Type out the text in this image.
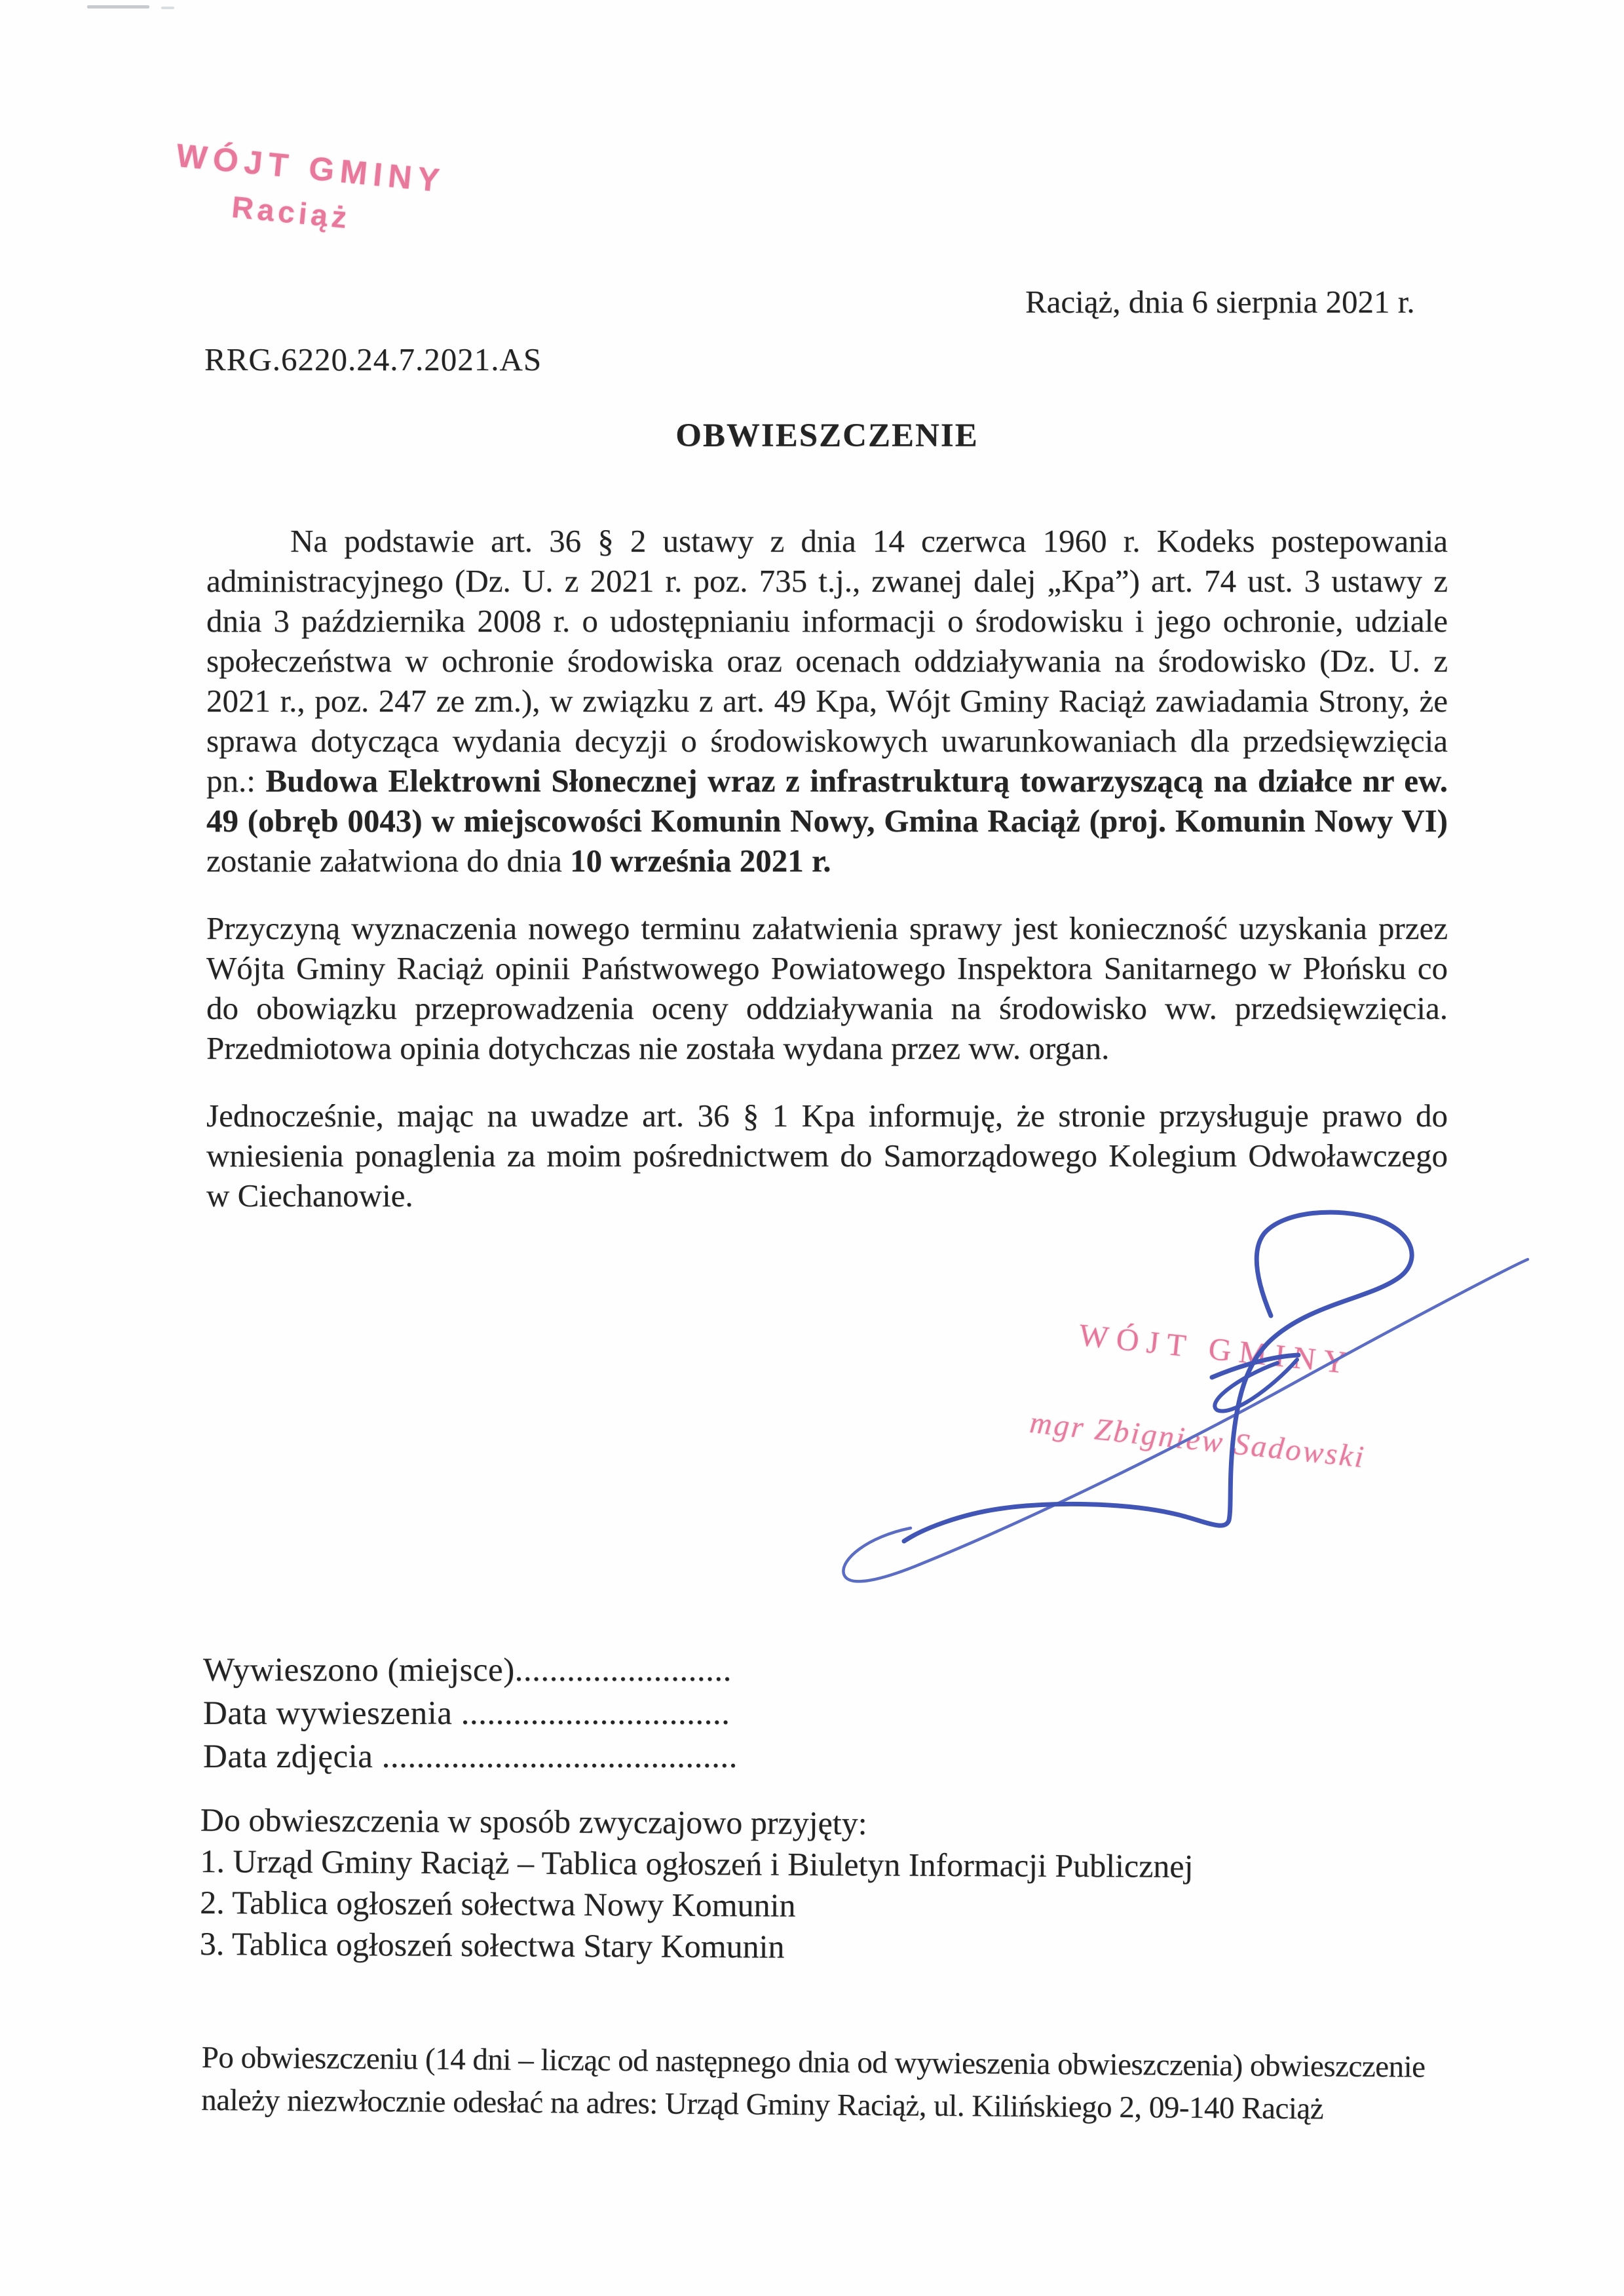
WÓJT GMINY
Raciąż
Raciąż, dnia 6 sierpnia 2021 r.
RRG.6220.24.7.2021.AS
OBWIESZCZENIE

Na podstawie art. 36 § 2 ustawy z dnia 14 czerwca 1960 r. Kodeks postepowania administracyjnego (Dz. U. z 2021 r. poz. 735 t.j., zwanej dalej „Kpa”) art. 74 ust. 3 ustawy z dnia 3 października 2008 r. o udostępnianiu informacji o środowisku i jego ochronie, udziale społeczeństwa w ochronie środowiska oraz ocenach oddziaływania na środowisko (Dz. U. z 2021 r., poz. 247 ze zm.), w związku z art. 49 Kpa, Wójt Gminy Raciąż zawiadamia Strony, że sprawa dotycząca wydania decyzji o środowiskowych uwarunkowaniach dla przedsięwzięcia pn.: Budowa Elektrowni Słonecznej wraz z infrastrukturą towarzyszącą na działce nr ew. 49 (obręb 0043) w miejscowości Komunin Nowy, Gmina Raciąż (proj. Komunin Nowy VI) zostanie załatwiona do dnia 10 września 2021 r.

Przyczyną wyznaczenia nowego terminu załatwienia sprawy jest konieczność uzyskania przez Wójta Gminy Raciąż opinii Państwowego Powiatowego Inspektora Sanitarnego w Płońsku co do obowiązku przeprowadzenia oceny oddziaływania na środowisko ww. przedsięwzięcia. Przedmiotowa opinia dotychczas nie została wydana przez ww. organ.

Jednocześnie, mając na uwadze art. 36 § 1 Kpa informuję, że stronie przysługuje prawo do wniesienia ponaglenia za moim pośrednictwem do Samorządowego Kolegium Odwoławczego w Ciechanowie.

WÓJT GMINY
mgr Zbigniew Sadowski
Wywieszono (miejsce).........................
Data wywieszenia ...............................
Data zdjęcia .........................................
Do obwieszczenia w sposób zwyczajowo przyjęty:
1. Urząd Gminy Raciąż – Tablica ogłoszeń i Biuletyn Informacji Publicznej
2. Tablica ogłoszeń sołectwa Nowy Komunin
3. Tablica ogłoszeń sołectwa Stary Komunin
Po obwieszczeniu (14 dni – licząc od następnego dnia od wywieszenia obwieszczenia) obwieszczenie
należy niezwłocznie odesłać na adres: Urząd Gminy Raciąż, ul. Kilińskiego 2, 09-140 Raciąż
